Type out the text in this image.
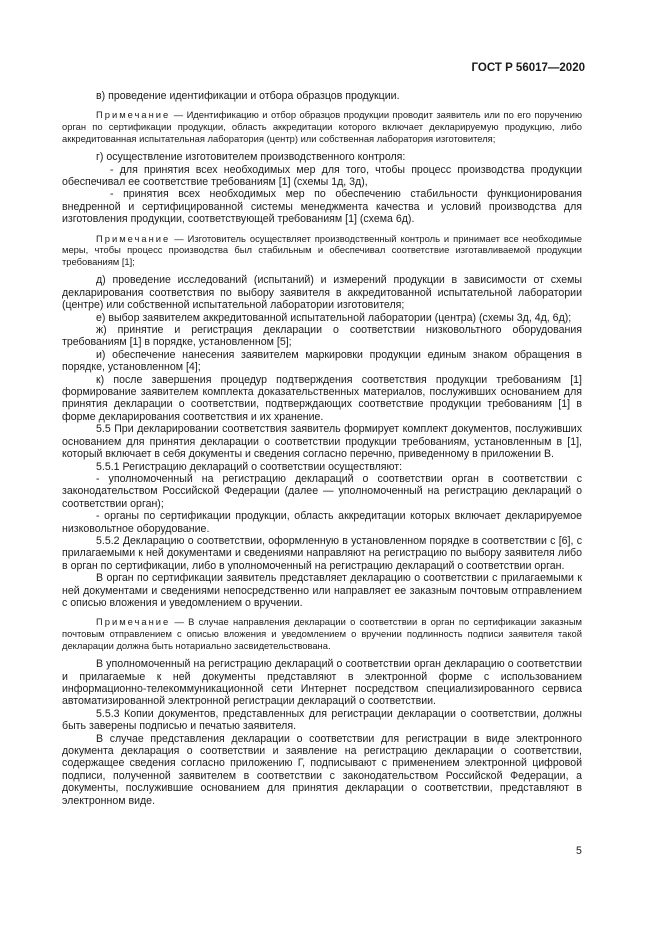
ГОСТ Р 56017—2020

в) проведение идентификации и отбора образцов продукции.

Примечание — Идентификацию и отбор образцов продукции проводит заявитель или по его поручению орган по сертификации продукции, область аккредитации которого включает декларируемую продукцию, либо аккредитованная испытательная лаборатория (центр) или собственная лаборатория изготовителя;

г) осуществление изготовителем производственного контроля:

- для принятия всех необходимых мер для того, чтобы процесс производства продукции обеспечивал ее соответствие требованиям [1] (схемы 1д, 3д),

- принятия всех необходимых мер по обеспечению стабильности функционирования внедренной и сертифицированной системы менеджмента качества и условий производства для изготовления продукции, соответствующей требованиям [1] (схема 6д).

Примечание — Изготовитель осуществляет производственный контроль и принимает все необходимые меры, чтобы процесс производства был стабильным и обеспечивал соответствие изготавливаемой продукции требованиям [1];

д) проведение исследований (испытаний) и измерений продукции в зависимости от схемы декларирования соответствия по выбору заявителя в аккредитованной испытательной лаборатории (центре) или собственной испытательной лаборатории изготовителя;

е) выбор заявителем аккредитованной испытательной лаборатории (центра) (схемы 3д, 4д, 6д);

ж) принятие и регистрация декларации о соответствии низковольтного оборудования требованиям [1] в порядке, установленном [5];

и) обеспечение нанесения заявителем маркировки продукции единым знаком обращения в порядке, установленном [4];

к) после завершения процедур подтверждения соответствия продукции требованиям [1] формирование заявителем комплекта доказательственных материалов, послуживших основанием для принятия декларации о соответствии, подтверждающих соответствие продукции требованиям [1] в форме декларирования соответствия и их хранение.

5.5 При декларировании соответствия заявитель формирует комплект документов, послуживших основанием для принятия декларации о соответствии продукции требованиям, установленным в [1], который включает в себя документы и сведения согласно перечню, приведенному в приложении В.

5.5.1 Регистрацию деклараций о соответствии осуществляют:

- уполномоченный на регистрацию деклараций о соответствии орган в соответствии с законодательством Российской Федерации (далее — уполномоченный на регистрацию деклараций о соответствии орган);

- органы по сертификации продукции, область аккредитации которых включает декларируемое низковольтное оборудование.

5.5.2 Декларацию о соответствии, оформленную в установленном порядке в соответствии с [6], с прилагаемыми к ней документами и сведениями направляют на регистрацию по выбору заявителя либо в орган по сертификации, либо в уполномоченный на регистрацию деклараций о соответствии орган.

В орган по сертификации заявитель представляет декларацию о соответствии с прилагаемыми к ней документами и сведениями непосредственно или направляет ее заказным почтовым отправлением с описью вложения и уведомлением о вручении.

Примечание — В случае направления декларации о соответствии в орган по сертификации заказным почтовым отправлением с описью вложения и уведомлением о вручении подлинность подписи заявителя такой декларации должна быть нотариально засвидетельствована.

В уполномоченный на регистрацию деклараций о соответствии орган декларацию о соответствии и прилагаемые к ней документы представляют в электронной форме с использованием информационно-телекоммуникационной сети Интернет посредством специализированного сервиса автоматизированной электронной регистрации деклараций о соответствии.

5.5.3 Копии документов, представленных для регистрации декларации о соответствии, должны быть заверены подписью и печатью заявителя.

В случае представления декларации о соответствии для регистрации в виде электронного документа декларация о соответствии и заявление на регистрацию декларации о соответствии, содержащее сведения согласно приложению Г, подписывают с применением электронной цифровой подписи, полученной заявителем в соответствии с законодательством Российской Федерации, а документы, послужившие основанием для принятия декларации о соответствии, представляют в электронном виде.

5
